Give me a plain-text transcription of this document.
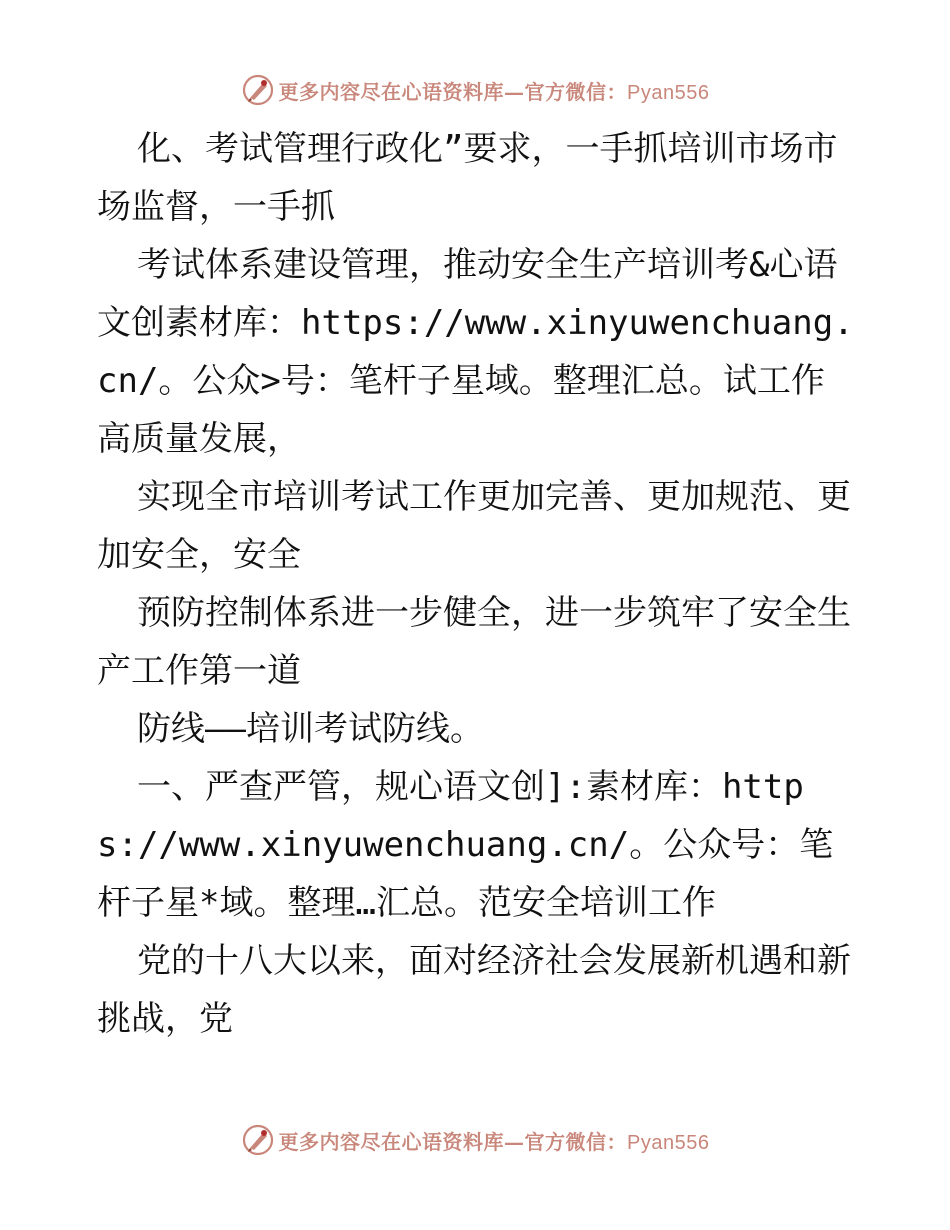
更多内容尽在心语资料库—官方微信：Pyan556

化、考试管理行政化”要求，一手抓培训市场市场监督，一手抓

考试体系建设管理，推动安全生产培训考&心语文创素材库：https://www.xinyuwenchuang.cn/。公众>号：笔杆子星域。整理汇总。试工作高质量发展，

实现全市培训考试工作更加完善、更加规范、更加安全，安全

预防控制体系进一步健全，进一步筑牢了安全生产工作第一道

防线——培训考试防线。

一、严查严管，规心语文创]:素材库：https://www.xinyuwenchuang.cn/。公众号：笔杆子星*域。整理…汇总。范安全培训工作

党的十八大以来，面对经济社会发展新机遇和新挑战，党

更多内容尽在心语资料库—官方微信：Pyan556
